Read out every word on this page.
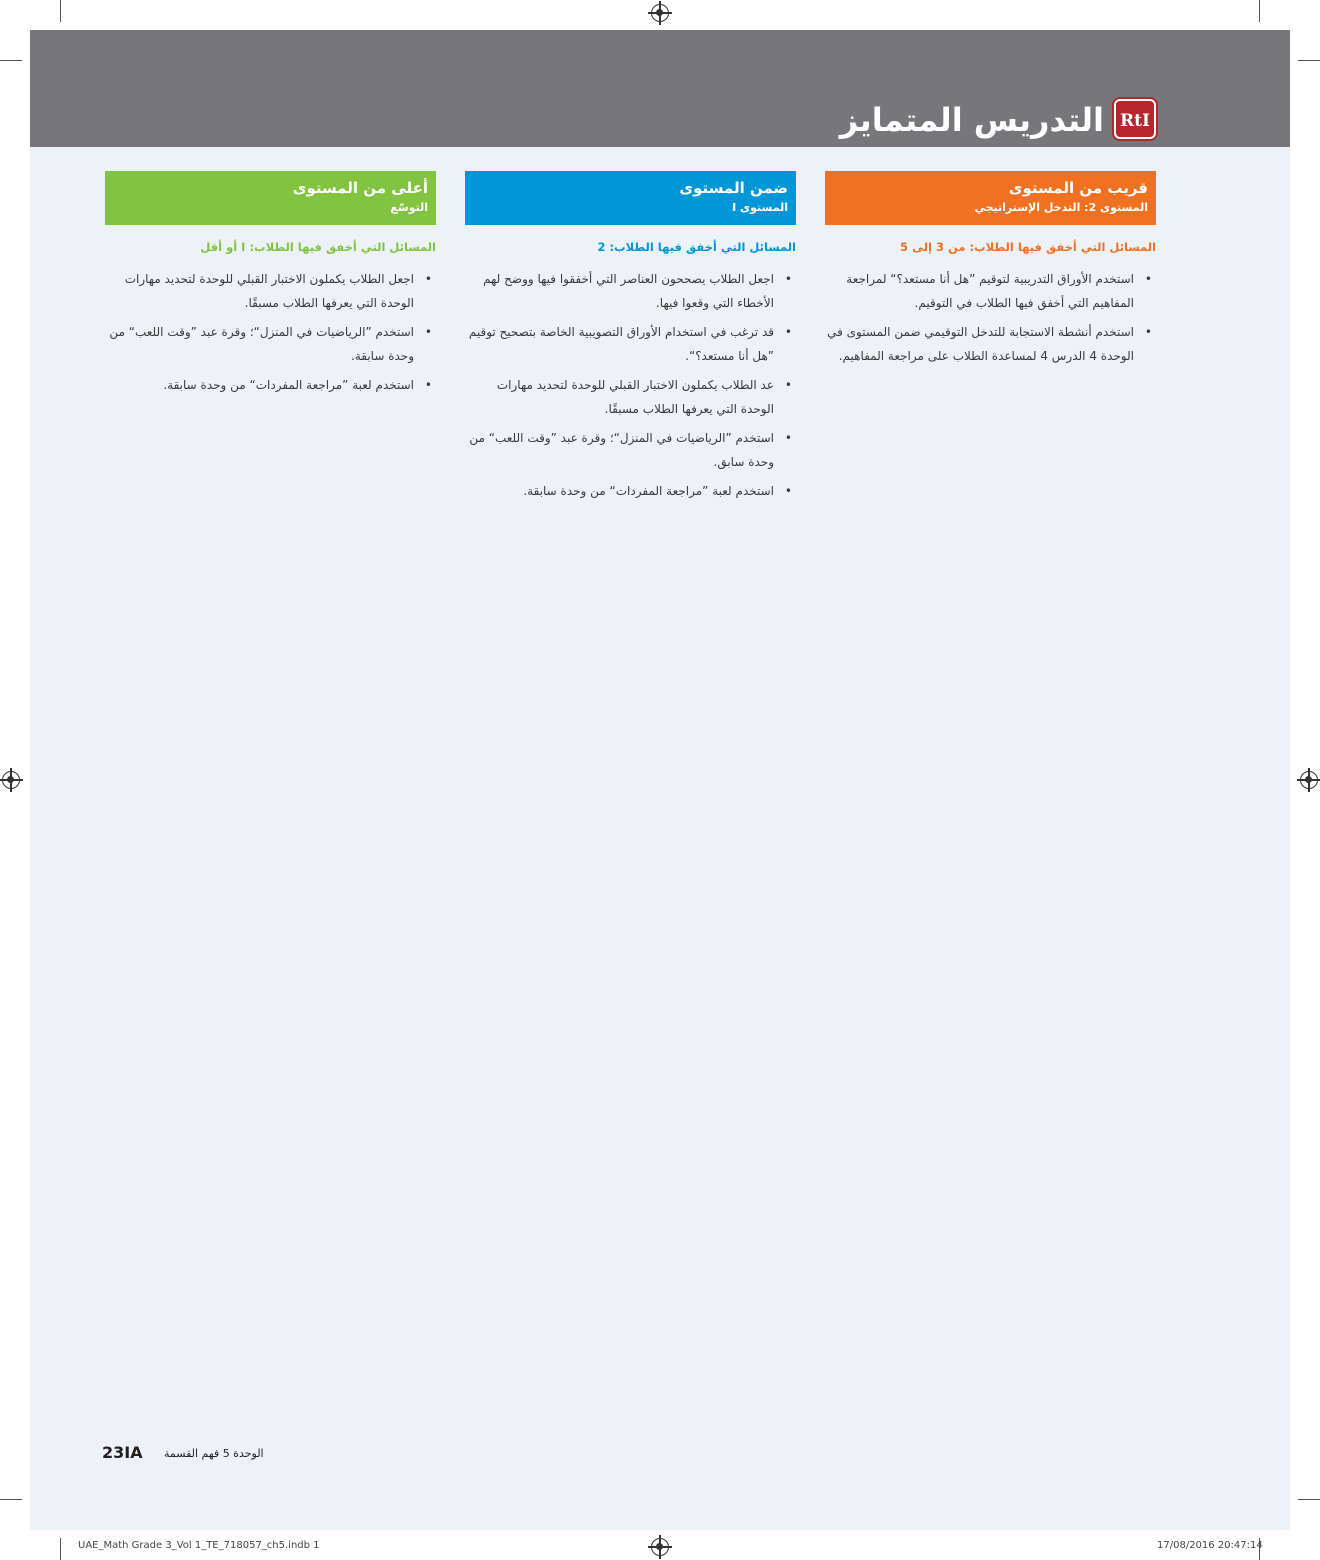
التدريس المتمايز RtI
قريب من المستوى
المستوى 2: التدخل الإستراتيجي
المسائل التي أخفق فيها الطلاب: من 3 إلى 5
• استخدم الأوراق التدريبية لتوقيم ”هل أنا مستعد؟“ لمراجعة المفاهيم التي أخفق فيها الطلاب في التوقيم.
• استخدم أنشطة الاستجابة للتدخل التوقيمي ضمن المستوى في الوحدة 4 الدرس 4 لمساعدة الطلاب على مراجعة المفاهيم.
ضمن المستوى
المستوى I
المسائل التي أخفق فيها الطلاب: 2
• اجعل الطلاب يصححون العناصر التي أخفقوا فيها ووضح لهم الأخطاء التي وقعوا فيها.
• قد ترغب في استخدام الأوراق التصويبية الخاصة بتصحيح توقيم ”هل أنا مستعد؟“.
• عد الطلاب يكملون الاختبار القبلي للوحدة لتحديد مهارات الوحدة التي يعرفها الطلاب مسبقًا.
• استخدم ”الرياضيات في المنزل“؛ وقرة عبد ”وقت اللعب“ من وحدة سابق.
• استخدم لعبة ”مراجعة المفردات“ من وحدة سابقة.
أعلى من المستوى
التوسّع
المسائل التي أخفق فيها الطلاب: I أو أقل
• اجعل الطلاب يكملون الاختبار القبلي للوحدة لتحديد مهارات الوحدة التي يعرفها الطلاب مسبقًا.
• استخدم ”الرياضيات في المنزل“؛ وقرة عبد ”وقت اللعب“ من وحدة سابقة.
• استخدم لعبة ”مراجعة المفردات“ من وحدة سابقة.
23IA الوحدة 5 فهم القسمة
UAE_Math Grade 3_Vol 1_TE_718057_ch5.indb 1	17/08/2016 20:47:14
